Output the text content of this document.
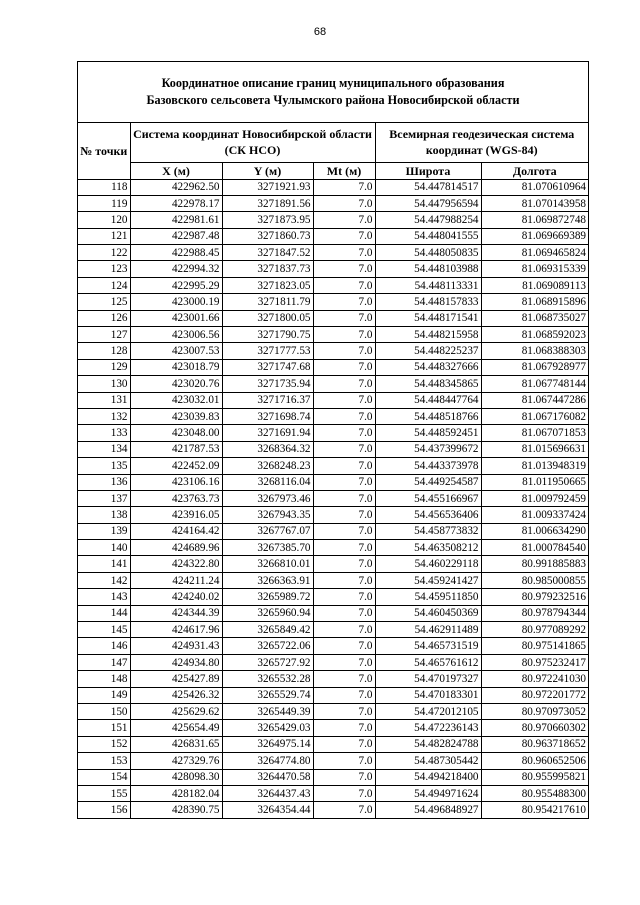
68
Координатное описание границ муниципального образования
Базовского сельсовета Чулымского района Новосибирской области
№ точки	Система координат Новосибирской области (СК НСО)			Всемирная геодезическая система координат (WGS-84)	
	X (м)	Y (м)	Mt (м)	Широта	Долгота
118	422962.50	3271921.93	7.0	54.447814517	81.070610964
119	422978.17	3271891.56	7.0	54.447956594	81.070143958
120	422981.61	3271873.95	7.0	54.447988254	81.069872748
121	422987.48	3271860.73	7.0	54.448041555	81.069669389
122	422988.45	3271847.52	7.0	54.448050835	81.069465824
123	422994.32	3271837.73	7.0	54.448103988	81.069315339
124	422995.29	3271823.05	7.0	54.448113331	81.069089113
125	423000.19	3271811.79	7.0	54.448157833	81.068915896
126	423001.66	3271800.05	7.0	54.448171541	81.068735027
127	423006.56	3271790.75	7.0	54.448215958	81.068592023
128	423007.53	3271777.53	7.0	54.448225237	81.068388303
129	423018.79	3271747.68	7.0	54.448327666	81.067928977
130	423020.76	3271735.94	7.0	54.448345865	81.067748144
131	423032.01	3271716.37	7.0	54.448447764	81.067447286
132	423039.83	3271698.74	7.0	54.448518766	81.067176082
133	423048.00	3271691.94	7.0	54.448592451	81.067071853
134	421787.53	3268364.32	7.0	54.437399672	81.015696631
135	422452.09	3268248.23	7.0	54.443373978	81.013948319
136	423106.16	3268116.04	7.0	54.449254587	81.011950665
137	423763.73	3267973.46	7.0	54.455166967	81.009792459
138	423916.05	3267943.35	7.0	54.456536406	81.009337424
139	424164.42	3267767.07	7.0	54.458773832	81.006634290
140	424689.96	3267385.70	7.0	54.463508212	81.000784540
141	424322.80	3266810.01	7.0	54.460229118	80.991885883
142	424211.24	3266363.91	7.0	54.459241427	80.985000855
143	424240.02	3265989.72	7.0	54.459511850	80.979232516
144	424344.39	3265960.94	7.0	54.460450369	80.978794344
145	424617.96	3265849.42	7.0	54.462911489	80.977089292
146	424931.43	3265722.06	7.0	54.465731519	80.975141865
147	424934.80	3265727.92	7.0	54.465761612	80.975232417
148	425427.89	3265532.28	7.0	54.470197327	80.972241030
149	425426.32	3265529.74	7.0	54.470183301	80.972201772
150	425629.62	3265449.39	7.0	54.472012105	80.970973052
151	425654.49	3265429.03	7.0	54.472236143	80.970660302
152	426831.65	3264975.14	7.0	54.482824788	80.963718652
153	427329.76	3264774.80	7.0	54.487305442	80.960652506
154	428098.30	3264470.58	7.0	54.494218400	80.955995821
155	428182.04	3264437.43	7.0	54.494971624	80.955488300
156	428390.75	3264354.44	7.0	54.496848927	80.954217610
